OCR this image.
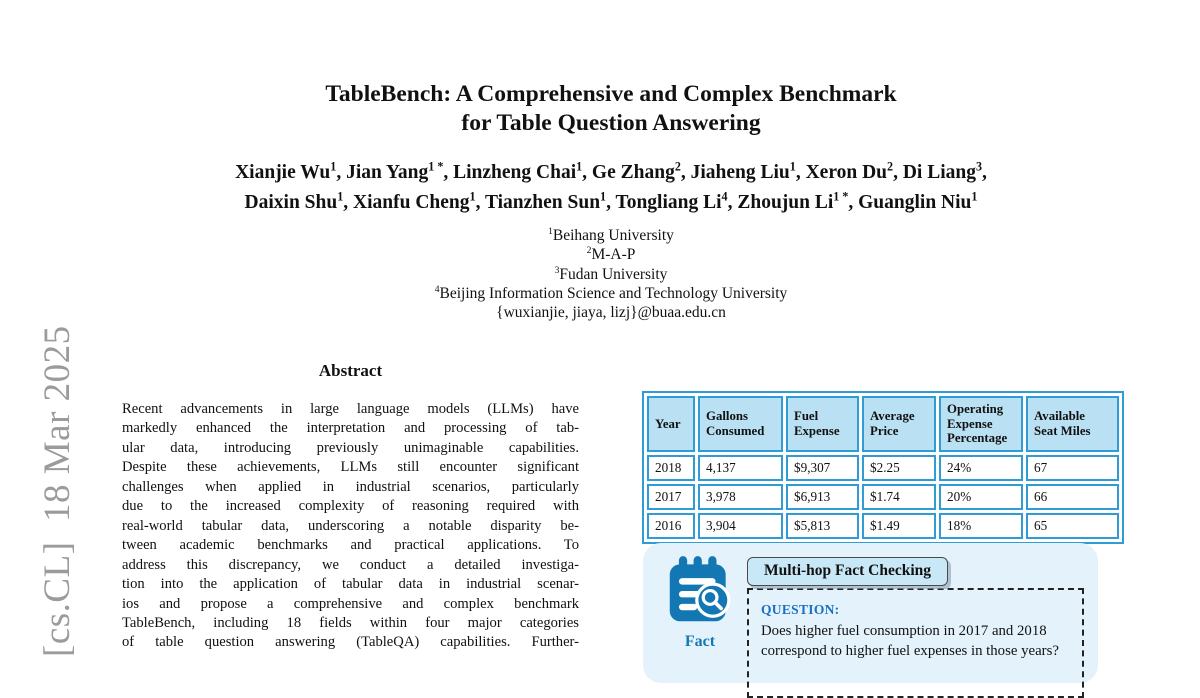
[cs.CL]  18 Mar 2025
TableBench: A Comprehensive and Complex Benchmark
for Table Question Answering
Xianjie Wu$^1$, Jian Yang$^{1 *}$, Linzheng Chai$^1$, Ge Zhang$^2$, Jiaheng Liu$^1$, Xeron Du$^2$, Di Liang$^3$,
Daixin Shu$^1$, Xianfu Cheng$^1$, Tianzhen Sun$^1$, Tongliang Li$^4$, Zhoujun $Li^{1 *}$, Guanglin Niu$^1$
$^1$Beihang University
$^2$M-A-P
$^3$Fudan University
$^4$Beijing Information Science and Technology University
{wuxianjie, jiaya, lizj}@buaa.edu.cn
Abstract
Recent advancements in large language models (LLMs) have
markedly enhanced the interpretation and processing of tab-
ular data, introducing previously unimaginable capabilities.
Despite these achievements, LLMs still encounter significant
challenges when applied in industrial scenarios, particularly
due to the increased complexity of reasoning required with
real-world tabular data, underscoring a notable disparity be-
tween academic benchmarks and practical applications. To
address this discrepancy, we conduct a detailed investiga-
tion into the application of tabular data in industrial scenar-
ios and propose a comprehensive and complex benchmark
TableBench, including 18 fields within four major categories
of table question answering (TableQA) capabilities. Further-
Year	Gallons Consumed	Fuel Expense	Average Price	Operating Expense Percentage	Available Seat Miles
2018	4,137	$9,307	$2.25	24%	67
2017	3,978	$6,913	$1.74	20%	66
2016	3,904	$5,813	$1.49	18%	65
Fact
Multi-hop Fact Checking
QUESTION:
Does higher fuel consumption in 2017 and 2018
correspond to higher fuel expenses in those years?
